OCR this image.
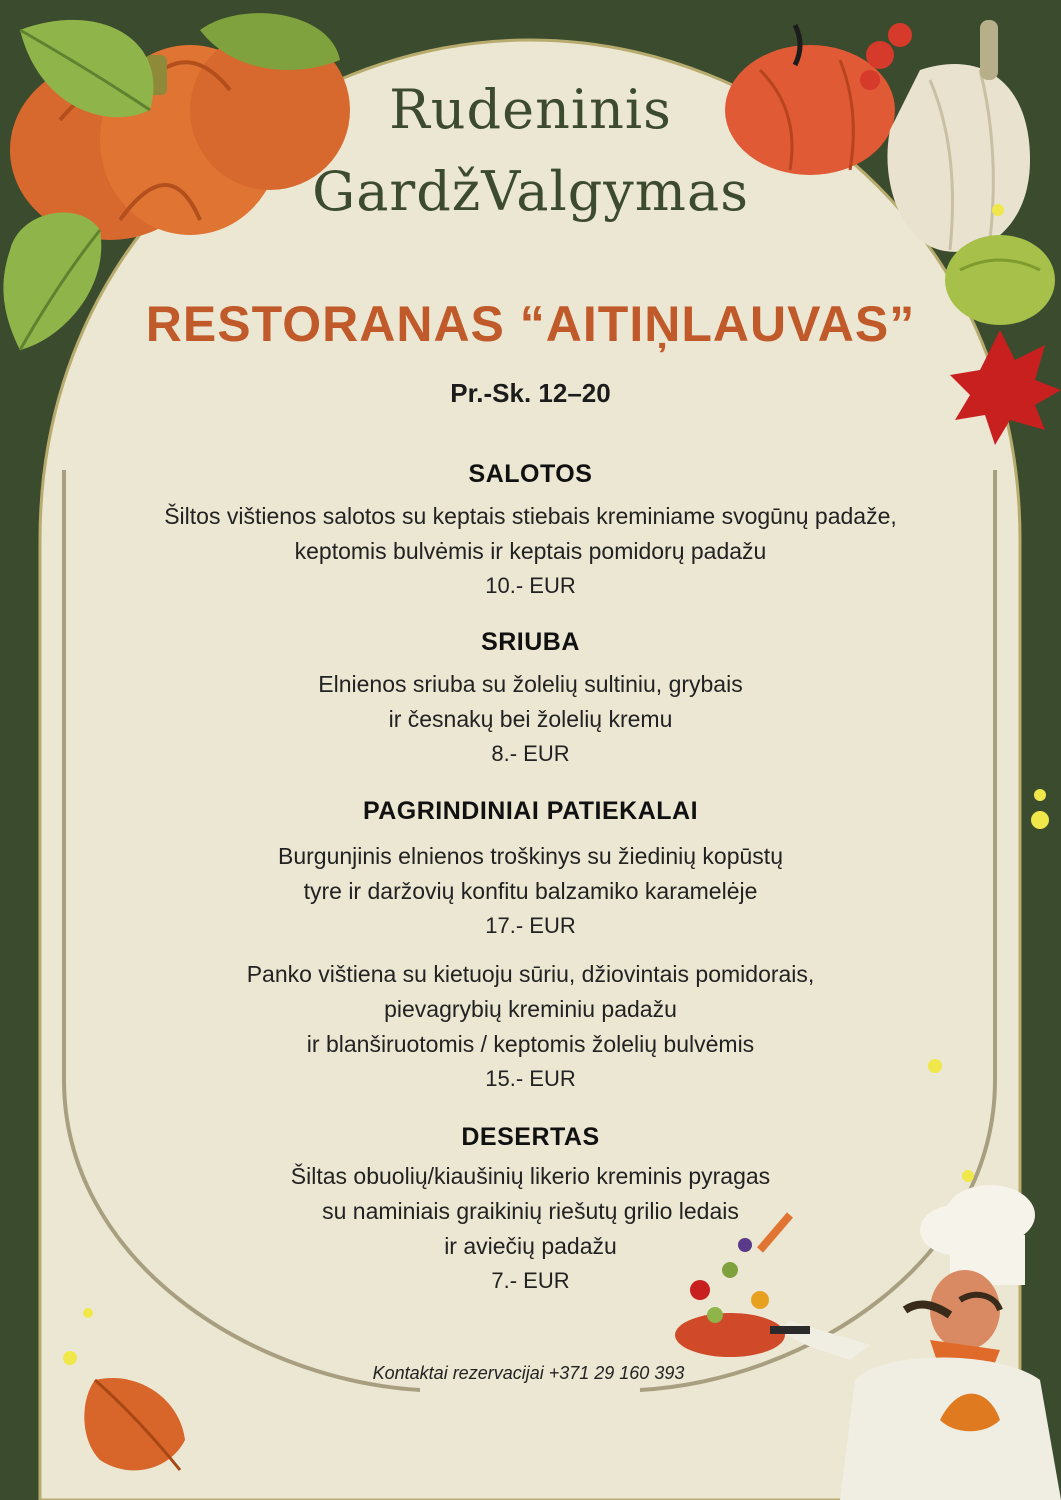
Rudeninis
GardžValgymas
RESTORANAS “AITIŅLAUVAS”
Pr.-Sk. 12–20
SALOTOS
Šiltos vištienos salotos su keptais stiebais kreminiame svogūnų padaže,
keptomis bulvėmis ir keptais pomidorų padažu
10.- EUR
SRIUBA
Elnienos sriuba su žolelių sultiniu, grybais
ir česnakų bei žolelių kremu
8.- EUR
PAGRINDINIAI PATIEKALAI
Burgunjinis elnienos troškinys su žiedinių kopūstų
tyre ir daržovių konfitu balzamiko karamelėje
17.- EUR
Panko vištiena su kietuoju sūriu, džiovintais pomidorais,
pievagrybių kreminiu padažu
ir blanširuotomis / keptomis žolelių bulvėmis
15.- EUR
DESERTAS
Šiltas obuolių/kiaušinių likerio kreminis pyragas
su naminiais graikinių riešutų grilio ledais
ir aviečių padažu
7.- EUR
Kontaktai rezervacijai +371 29 160 393
